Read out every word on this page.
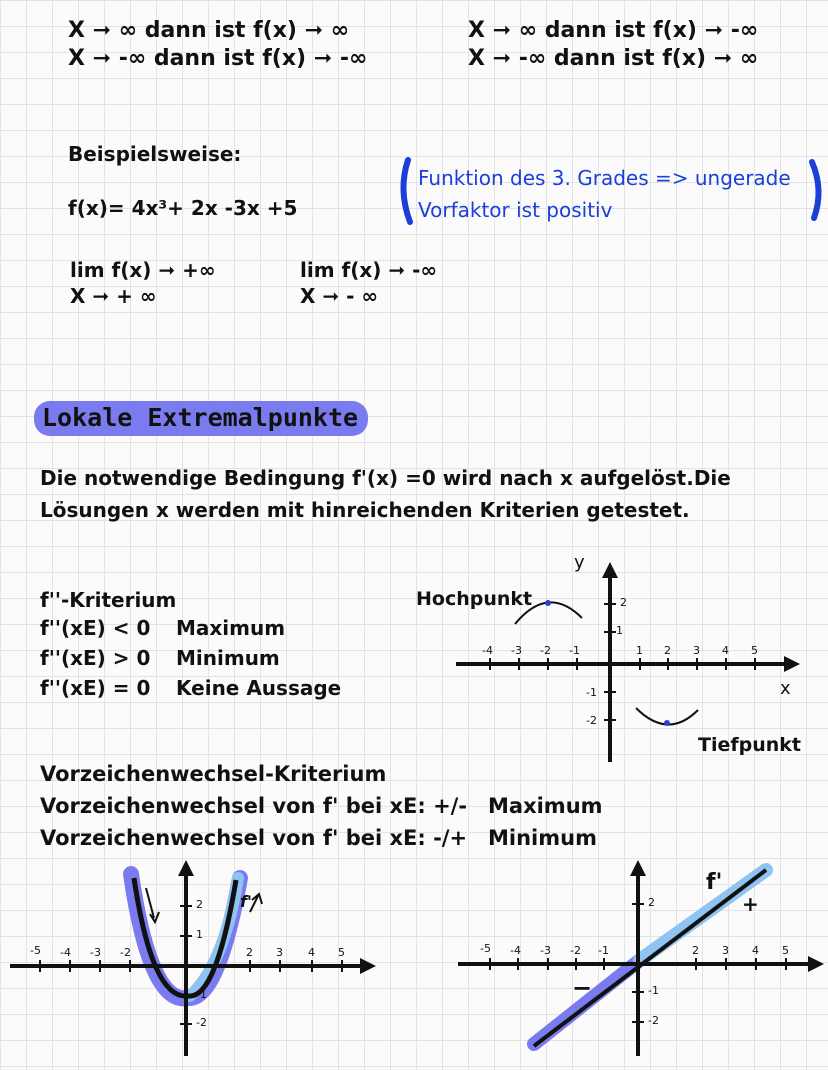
X ➞ ∞ dann ist f(x) ➞ ∞
X ➞ -∞ dann ist f(x) ➞ -∞
X ➞ ∞ dann ist f(x) ➞ -∞
X ➞ -∞ dann ist f(x) ➞ ∞
Beispielsweise:
f(x)= 4x³+ 2x -3x +5
Funktion des 3. Grades => ungerade
Vorfaktor ist positiv
lim f(x) ➞ +∞
X ➞ + ∞
lim f(x) ➞ -∞
X ➞ - ∞
Lokale Extremalpunkte
Die notwendige Bedingung f'(x) =0 wird nach x aufgelöst.Die
Lösungen x werden mit hinreichenden Kriterien getestet.
f''-Kriterium
f''(xE) < 0 Maximum
f''(xE) > 0 Minimum
f''(xE) = 0 Keine Aussage
y
x
Hochpunkt
Tiefpunkt
-4 -3 -2 -1	1 2 3 4 5
2
1
-1
-2
Vorzeichenwechsel-Kriterium
Vorzeichenwechsel von f' bei xE: +/- Maximum
Vorzeichenwechsel von f' bei xE: -/+ Minimum
-5 -4 -3 -2	2 3 4 5
2
1
-1
-2
f'
-5 -4 -3 -2 -1	2 3 4 5
2
-1
-2
f'
+
−
